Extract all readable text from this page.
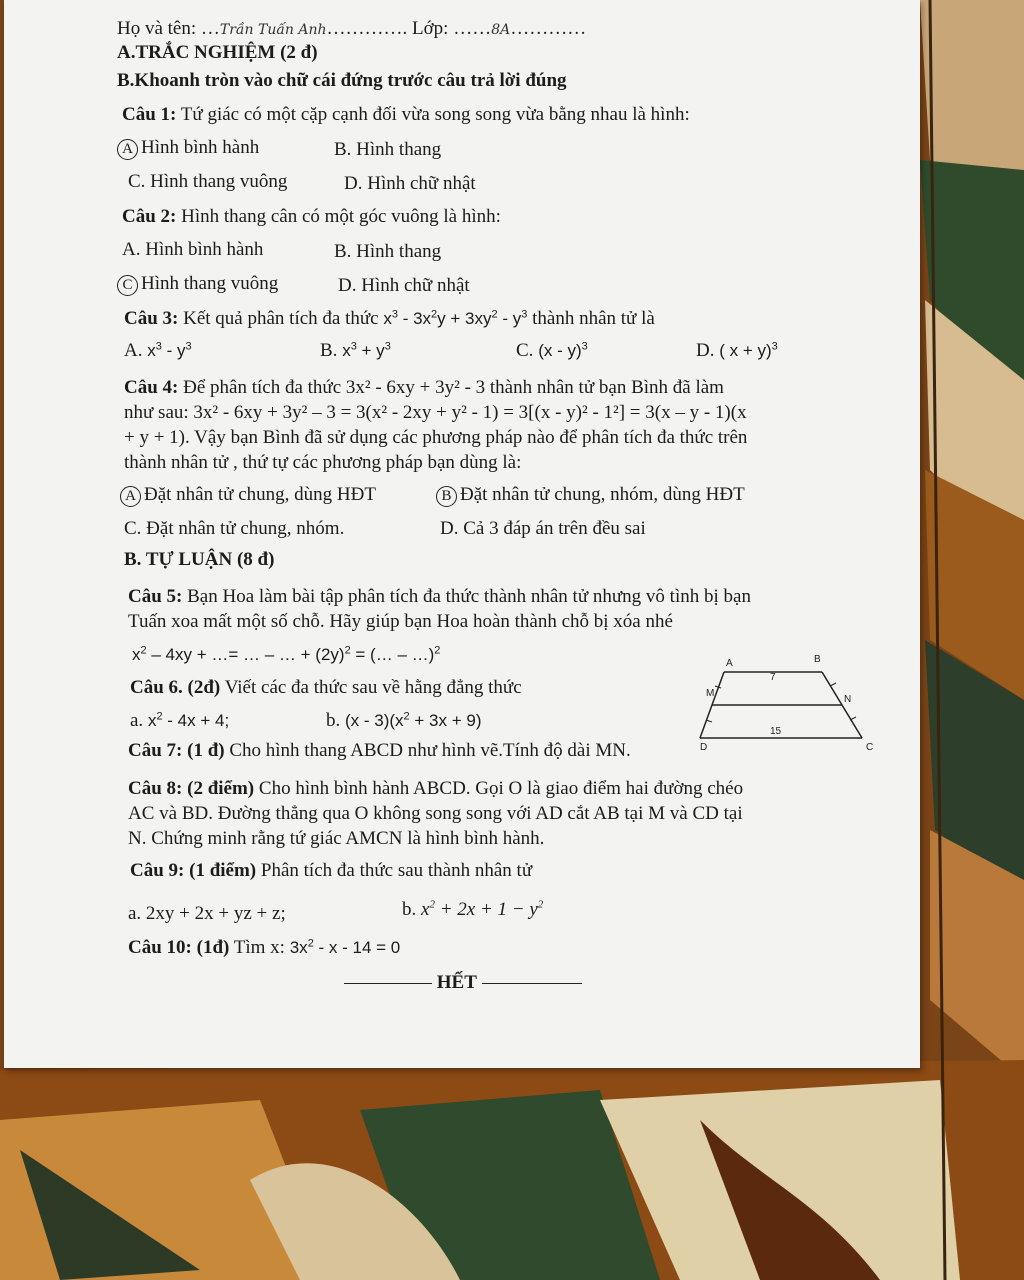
Họ và tên: …Trần Tuấn Anh…………. Lớp: ……8A…………
A.TRẮC NGHIỆM (2 đ)
B.Khoanh tròn vào chữ cái đứng trước câu trả lời đúng
Câu 1: Tứ giác có một cặp cạnh đối vừa song song vừa bằng nhau là hình:
A Hình bình hành	B. Hình thang
C. Hình thang vuông	D. Hình chữ nhật
Câu 2: Hình thang cân có một góc vuông là hình:
A. Hình bình hành	B. Hình thang
C Hình thang vuông	D. Hình chữ nhật
Câu 3: Kết quả phân tích đa thức $x^3 - 3x^2y + 3xy^2 - y^3$ thành nhân tử là
A. $x^3 - y^3$	B. $x^3 + y^3$	C. (x - y)$^3$	D. ( x + y)$^3$
Câu 4: Để phân tích đa thức 3x² - 6xy + 3y² - 3 thành nhân tử bạn Bình đã làm
như sau: 3x² - 6xy + 3y² – 3 = 3(x² - 2xy + y² - 1) = 3[(x - y)² - 1²] = 3(x – y - 1)(x
+ y + 1). Vậy bạn Bình đã sử dụng các phương pháp nào để phân tích đa thức trên
thành nhân tử , thứ tự các phương pháp bạn dùng là:
A Đặt nhân tử chung, dùng HĐT	B Đặt nhân tử chung, nhóm, dùng HĐT
C. Đặt nhân tử chung, nhóm.	D. Cả 3 đáp án trên đều sai
B. TỰ LUẬN (8 đ)
Câu 5: Bạn Hoa làm bài tập phân tích đa thức thành nhân tử nhưng vô tình bị bạn
Tuấn xoa mất một số chỗ. Hãy giúp bạn Hoa hoàn thành chỗ bị xóa nhé
$x^2 - 4xy$ + …= … – … + $(2y)^2$ = (… – …)$^2$
Câu 6. (2đ) Viết các đa thức sau về hằng đẳng thức
a. $x^2 - 4x + 4$;	b. $(x - 3)(x^2 + 3x + 9)$
Câu 7: (1 đ) Cho hình thang ABCD như hình vẽ.Tính độ dài MN.
A	B
C
D
M
N
7
15
Câu 8: (2 điểm) Cho hình bình hành ABCD. Gọi O là giao điểm hai đường chéo
AC và BD. Đường thẳng qua O không song song với AD cắt AB tại M và CD tại
N. Chứng minh rằng tứ giác AMCN là hình bình hành.
Câu 9: (1 điểm) Phân tích đa thức sau thành nhân tử
a. 2xy + 2x + yz + z;	b. $x^2 + 2x + 1 - y^2$
Câu 10: (1đ) Tìm x: $3x^2 - x - 14 = 0$
HẾT
